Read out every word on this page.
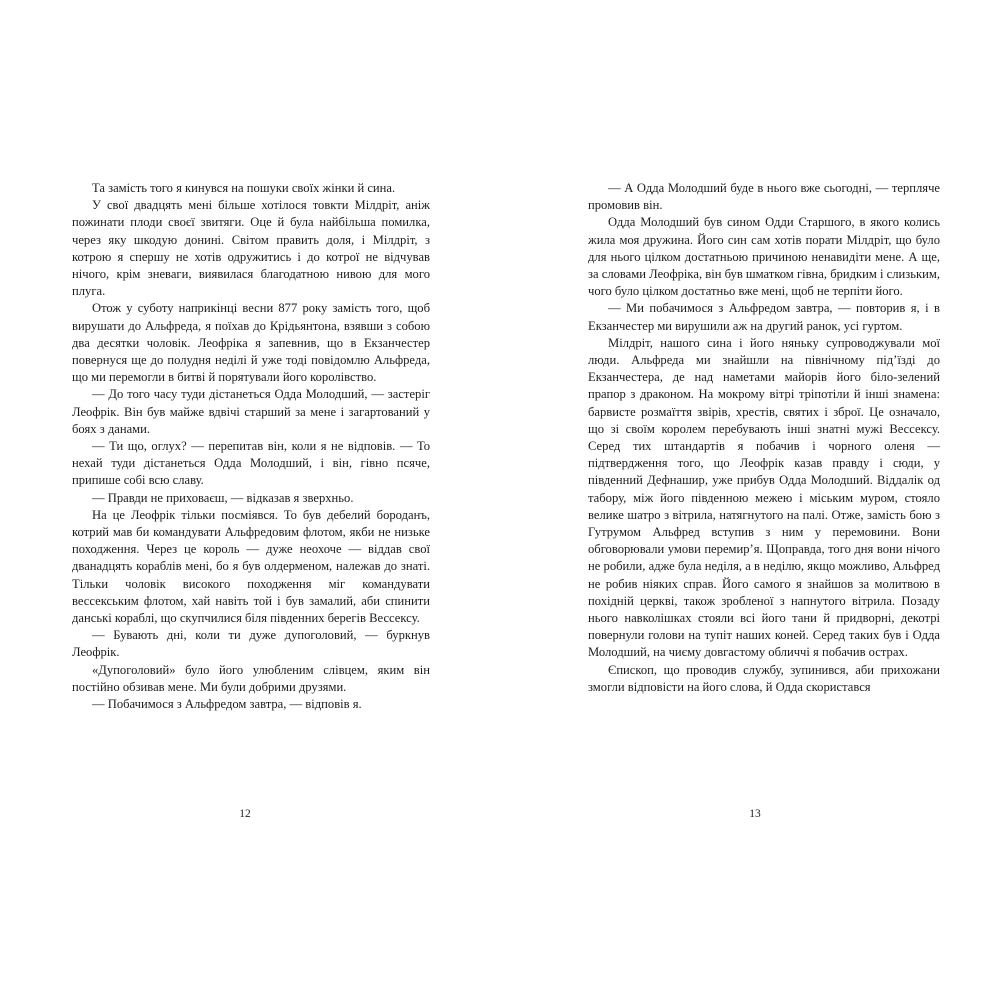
Та замість того я кинувся на пошуки своїх жінки й сина.

У свої двадцять мені більше хотілося товкти Мілдріт, аніж пожинати плоди своєї звитяги. Оце й була найбільша помилка, через яку шкодую донині. Світом править доля, і Мілдріт, з котрою я спершу не хотів одружитись і до котрої не відчував нічого, крім зневаги, виявилася благодатною нивою для мого плуга.

Отож у суботу наприкінці весни 877 року замість того, щоб вирушати до Альфреда, я поїхав до Крідьянтона, взявши з собою два десятки чоловік. Леофріка я запевнив, що в Екзанчестер повернуся ще до полудня неділі й уже тоді повідомлю Альфреда, що ми перемогли в битві й порятували його королівство.

— До того часу туди дістанеться Одда Молодший, — застеріг Леофрік. Він був майже вдвічі старший за мене і загартований у боях з данами.

— Ти що, оглух? — перепитав він, коли я не відповів. — То нехай туди дістанеться Одда Молодший, і він, гівно псяче, припише собі всю славу.

— Правди не приховаєш, — відказав я зверхньо.

На це Леофрік тільки посміявся. То був дебелий бороданъ, котрий мав би командувати Альфредовим флотом, якби не низьке походження. Через це король — дуже неохоче — віддав свої дванадцять кораблів мені, бо я був олдерменом, належав до знаті. Тільки чоловік високого походження міг командувати вессекським флотом, хай навіть той і був замалий, аби спинити данські кораблі, що скупчилися біля південних берегів Вессексу.

— Бувають дні, коли ти дуже дупоголовий, — буркнув Леофрік.

«Дупоголовий» було його улюбленим слівцем, яким він постійно обзивав мене. Ми були добрими друзями.

— Побачимося з Альфредом завтра, — відповів я.

12

— А Одда Молодший буде в нього вже сьогодні, — терпляче промовив він.

Одда Молодший був сином Одди Старшого, в якого колись жила моя дружина. Його син сам хотів порати Мілдріт, що було для нього цілком достатньою причиною ненавидіти мене. А ще, за словами Леофріка, він був шматком гівна, бридким і слизьким, чого було цілком достатньо вже мені, щоб не терпіти його.

— Ми побачимося з Альфредом завтра, — повторив я, і в Екзанчестер ми вирушили аж на другий ранок, усі гуртом.

Мілдріт, нашого сина і його няньку супроводжували мої люди. Альфреда ми знайшли на північному під’їзді до Екзанчестера, де над наметами майорів його біло-зелений прапор з драконом. На мокрому вітрі тріпотіли й інші знамена: барвисте розмаїття звірів, хрестів, святих і зброї. Це означало, що зі своїм королем перебувають інші знатні мужі Вессексу. Серед тих штандартів я побачив і чорного оленя — підтвердження того, що Леофрік казав правду і сюди, у південний Дефнашир, уже прибув Одда Молодший. Віддалік од табору, між його південною межею і міським муром, стояло велике шатро з вітрила, натягнутого на палі. Отже, замість бою з Гутрумом Альфред вступив з ним у перемовини. Вони обговорювали умови перемир’я. Щоправда, того дня вони нічого не робили, адже була неділя, а в неділю, якщо можливо, Альфред не робив ніяких справ. Його самого я знайшов за молитвою в похідній церкві, також зробленої з напнутого вітрила. Позаду нього навколішках стояли всі його тани й придворні, декотрі повернули голови на тупіт наших коней. Серед таких був і Одда Молодший, на чиєму довгастому обличчі я побачив острах.

Єпископ, що проводив службу, зупинився, аби прихожани змогли відповісти на його слова, й Одда скористався

13
